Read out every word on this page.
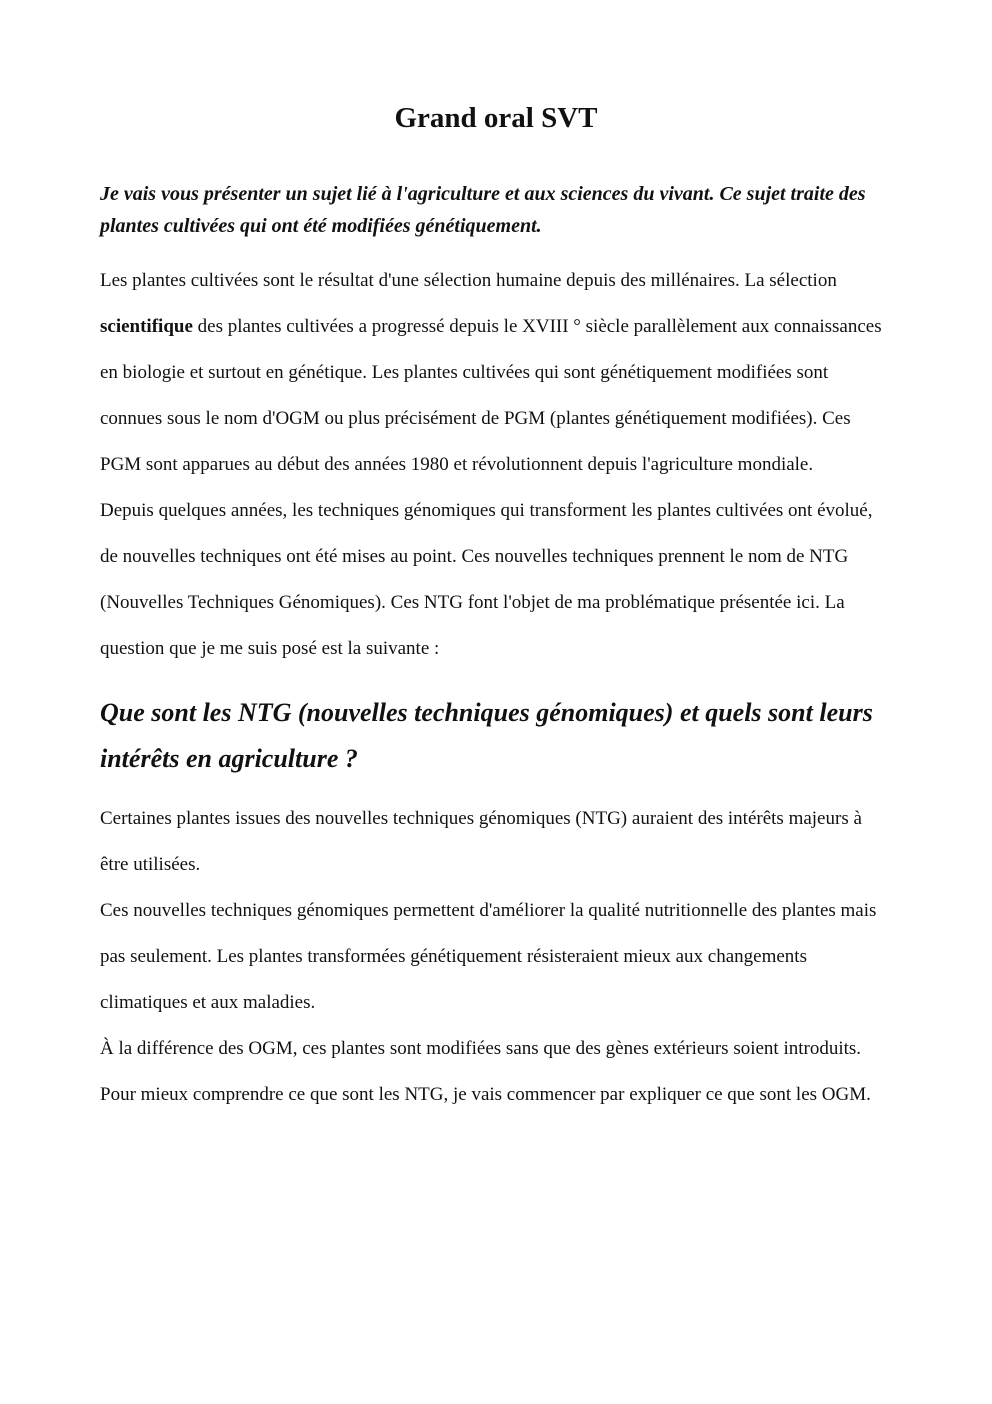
Grand oral SVT

Je vais vous présenter un sujet lié à l'agriculture et aux sciences du vivant. Ce sujet traite des plantes cultivées qui ont été modifiées génétiquement.

Les plantes cultivées sont le résultat d'une sélection humaine depuis des millénaires. La sélection scientifique des plantes cultivées a progressé depuis le XVIII ° siècle parallèlement aux connaissances en biologie et surtout en génétique. Les plantes cultivées qui sont génétiquement modifiées sont connues sous le nom d'OGM ou plus précisément de PGM (plantes génétiquement modifiées). Ces PGM sont apparues au début des années 1980 et révolutionnent depuis l'agriculture mondiale.

Depuis quelques années, les techniques génomiques qui transforment les plantes cultivées ont évolué, de nouvelles techniques ont été mises au point. Ces nouvelles techniques prennent le nom de NTG (Nouvelles Techniques Génomiques). Ces NTG font l'objet de ma problématique présentée ici. La question que je me suis posé est la suivante :

Que sont les NTG (nouvelles techniques génomiques) et quels sont leurs intérêts en agriculture ?

Certaines plantes issues des nouvelles techniques génomiques (NTG) auraient des intérêts majeurs à être utilisées.

Ces nouvelles techniques génomiques permettent d'améliorer la qualité nutritionnelle des plantes mais pas seulement. Les plantes transformées génétiquement résisteraient mieux aux changements climatiques et aux maladies.

À la différence des OGM, ces plantes sont modifiées sans que des gènes extérieurs soient introduits.

Pour mieux comprendre ce que sont les NTG, je vais commencer par expliquer ce que sont les OGM.
